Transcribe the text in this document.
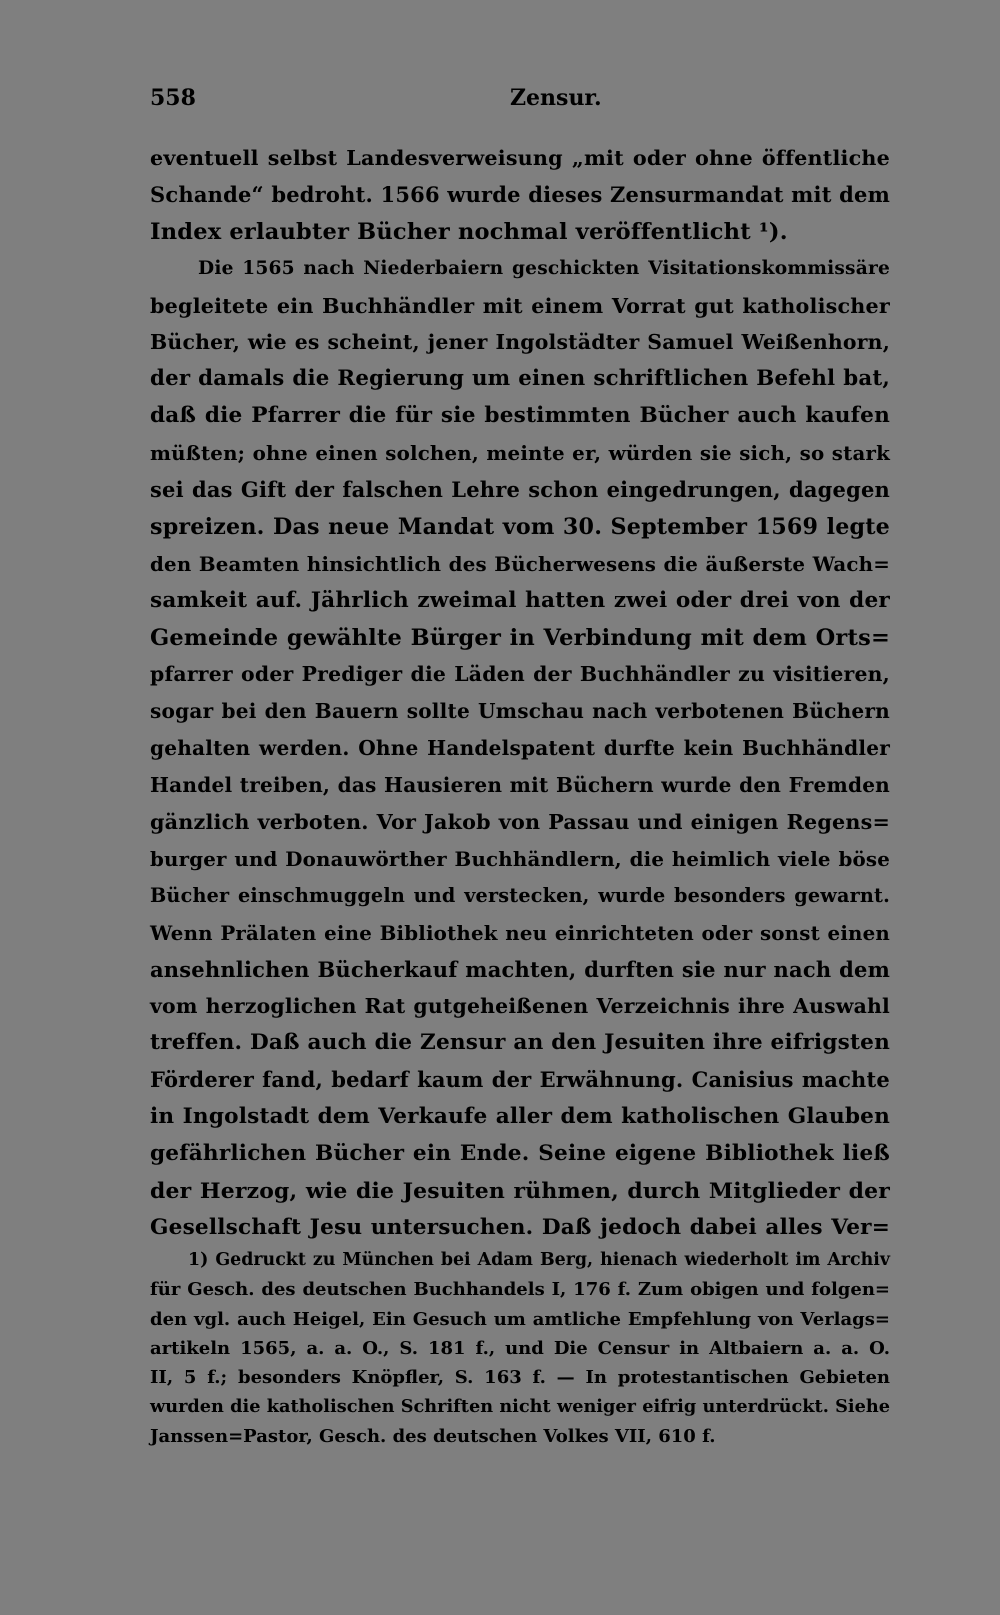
558	Zensur.
eventuell selbst Landesverweisung „mit oder ohne öffentliche
Schande“ bedroht. 1566 wurde dieses Zensurmandat mit dem
Index erlaubter Bücher nochmal veröffentlicht ¹).
Die 1565 nach Niederbaiern geschickten Visitationskommissäre
begleitete ein Buchhändler mit einem Vorrat gut katholischer
Bücher, wie es scheint, jener Ingolstädter Samuel Weißenhorn,
der damals die Regierung um einen schriftlichen Befehl bat,
daß die Pfarrer die für sie bestimmten Bücher auch kaufen
müßten; ohne einen solchen, meinte er, würden sie sich, so stark
sei das Gift der falschen Lehre schon eingedrungen, dagegen
spreizen. Das neue Mandat vom 30. September 1569 legte
den Beamten hinsichtlich des Bücherwesens die äußerste Wach=
samkeit auf. Jährlich zweimal hatten zwei oder drei von der
Gemeinde gewählte Bürger in Verbindung mit dem Orts=
pfarrer oder Prediger die Läden der Buchhändler zu visitieren,
sogar bei den Bauern sollte Umschau nach verbotenen Büchern
gehalten werden. Ohne Handelspatent durfte kein Buchhändler
Handel treiben, das Hausieren mit Büchern wurde den Fremden
gänzlich verboten. Vor Jakob von Passau und einigen Regens=
burger und Donauwörther Buchhändlern, die heimlich viele böse
Bücher einschmuggeln und verstecken, wurde besonders gewarnt.
Wenn Prälaten eine Bibliothek neu einrichteten oder sonst einen
ansehnlichen Bücherkauf machten, durften sie nur nach dem
vom herzoglichen Rat gutgeheißenen Verzeichnis ihre Auswahl
treffen. Daß auch die Zensur an den Jesuiten ihre eifrigsten
Förderer fand, bedarf kaum der Erwähnung. Canisius machte
in Ingolstadt dem Verkaufe aller dem katholischen Glauben
gefährlichen Bücher ein Ende. Seine eigene Bibliothek ließ
der Herzog, wie die Jesuiten rühmen, durch Mitglieder der
Gesellschaft Jesu untersuchen. Daß jedoch dabei alles Ver=
1) Gedruckt zu München bei Adam Berg, hienach wiederholt im Archiv
für Gesch. des deutschen Buchhandels I, 176 f. Zum obigen und folgen=
den vgl. auch Heigel, Ein Gesuch um amtliche Empfehlung von Verlags=
artikeln 1565, a. a. O., S. 181 f., und Die Censur in Altbaiern a. a. O.
II, 5 f.; besonders Knöpfler, S. 163 f. — In protestantischen Gebieten
wurden die katholischen Schriften nicht weniger eifrig unterdrückt. Siehe
Janssen=Pastor, Gesch. des deutschen Volkes VII, 610 f.
